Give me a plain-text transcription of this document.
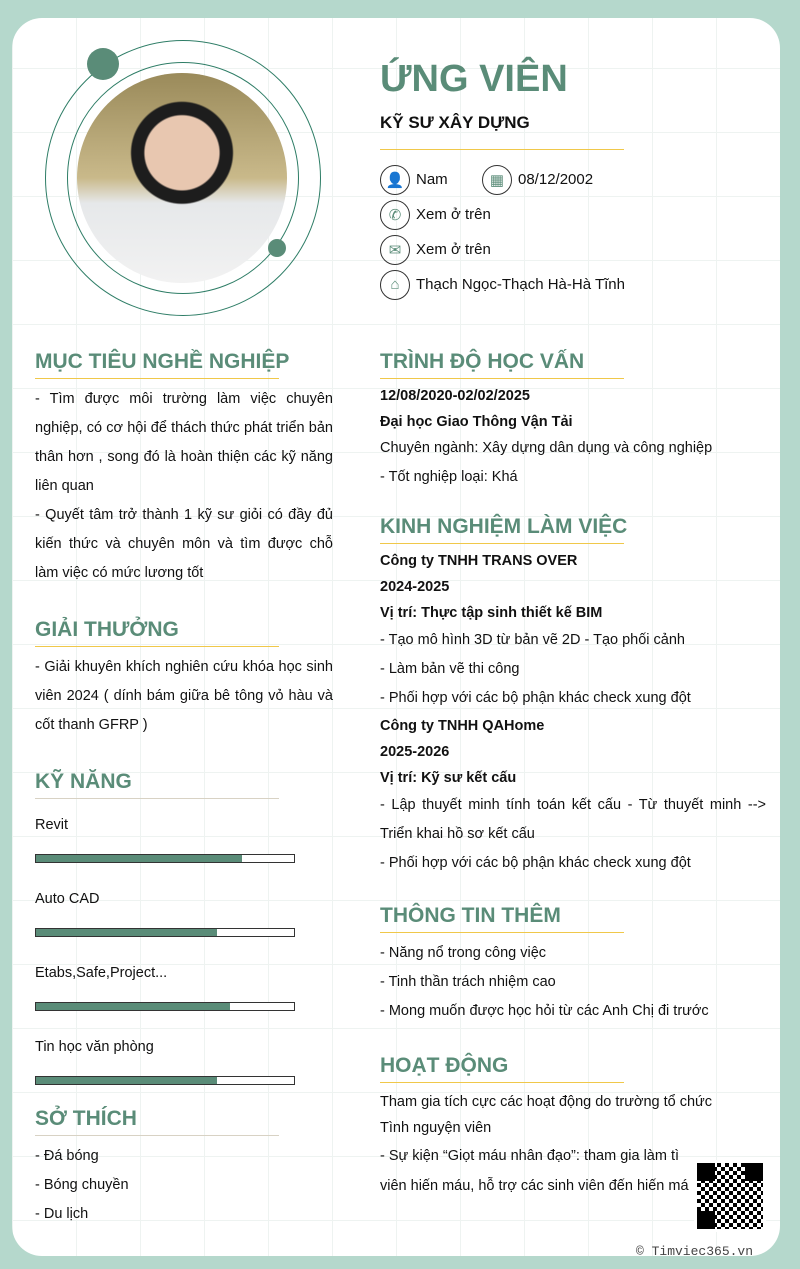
ỨNG VIÊN
KỸ SƯ XÂY DỰNG
👤 Nam	▦ 08/12/2002
✆ Xem ở trên
✉ Xem ở trên
⌂	Thạch Ngọc-Thạch Hà-Hà Tĩnh
MỤC TIÊU NGHỀ NGHIỆP
- Tìm được môi trường làm việc chuyên nghiệp, có cơ hội để thách thức phát triển bản thân hơn , song đó là hoàn thiện các kỹ năng liên quan
- Quyết tâm trở thành 1 kỹ sư giỏi có đầy đủ kiến thức và chuyên môn và tìm được chỗ làm việc có mức lương tốt
GIẢI THƯỞNG
- Giải khuyên khích nghiên cứu khóa học sinh viên 2024 ( dính bám giữa bê tông vỏ hàu và cốt thanh GFRP )
KỸ NĂNG
Revit
Auto CAD
Etabs,Safe,Project...
Tin học văn phòng
SỞ THÍCH
- Đá bóng
- Bóng chuyền
- Du lịch
TRÌNH ĐỘ HỌC VẤN
12/08/2020-02/02/2025
Đại học Giao Thông Vận Tải
Chuyên ngành: Xây dựng dân dụng và công nghiệp
- Tốt nghiệp loại: Khá
KINH NGHIỆM LÀM VIỆC
Công ty TNHH TRANS OVER
2024-2025
Vị trí: Thực tập sinh thiết kế BIM
- Tạo mô hình 3D từ bản vẽ 2D - Tạo phối cảnh
- Làm bản vẽ thi công
- Phối hợp với các bộ phận khác check xung đột
Công ty TNHH QAHome
2025-2026
Vị trí: Kỹ sư kết cấu
- Lập thuyết minh tính toán kết cấu - Từ thuyết minh --> Triển khai hồ sơ kết cấu
- Phối hợp với các bộ phận khác check xung đột
THÔNG TIN THÊM
- Năng nổ trong công việc
- Tinh thần trách nhiệm cao
- Mong muốn được học hỏi từ các Anh Chị đi trước
HOẠT ĐỘNG
Tham gia tích cực các hoạt động do trường tổ chức
Tình nguyện viên
- Sự kiện “Giọt máu nhân đạo”: tham gia làm tì
viên hiến máu, hỗ trợ các sinh viên đến hiến má
© Timviec365.vn
